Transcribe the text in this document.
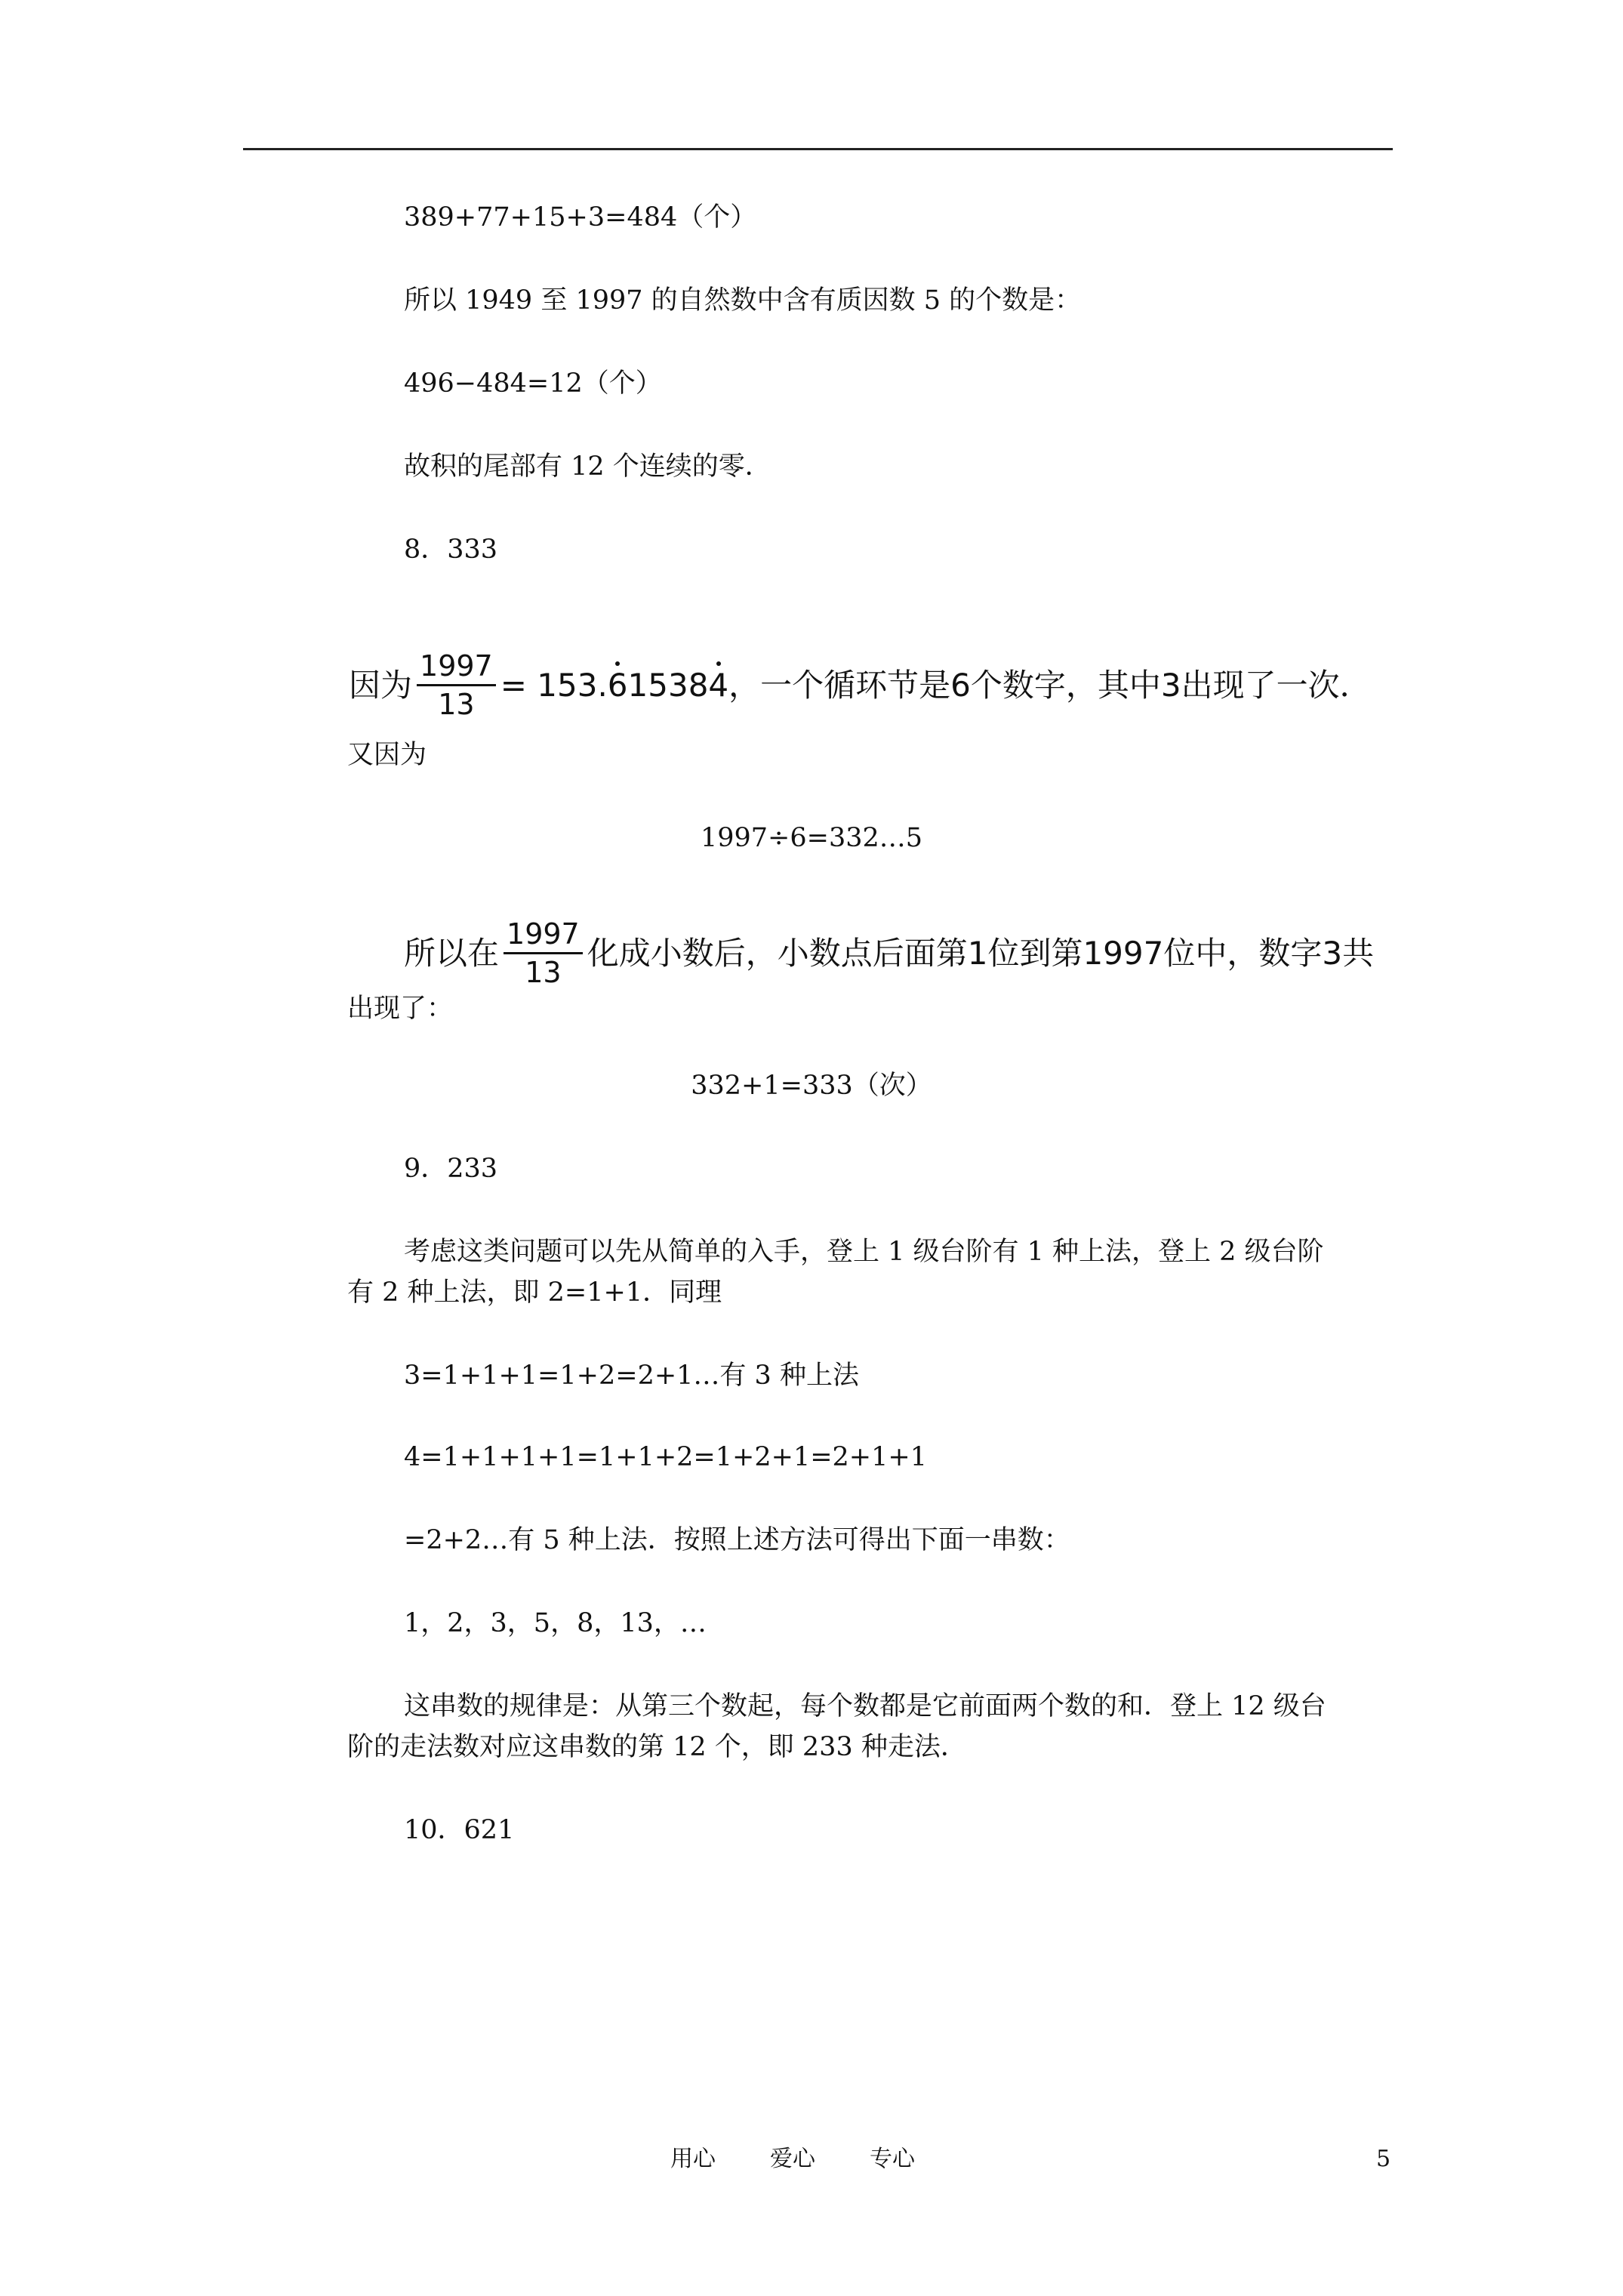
389+77+15+3=484（个）
所以 1949 至 1997 的自然数中含有质因数 5 的个数是：
496−484=12（个）
故积的尾部有 12 个连续的零．
8．333
因为 $\frac{1997}{13} = 153$. 6 1538 4 ，一个循环节是6个数字，其中3出现了一次．
又因为
1997÷6=332…5
所以在 $\frac{1997}{13}$ 化成小数后，小数点后面第1位到第1997位中，数字3共
出现了：
332+1=333（次）
9．233
考虑这类问题可以先从简单的入手，登上 1 级台阶有 1 种上法，登上 2 级台阶
有 2 种上法，即 2=1+1．同理
3=1+1+1=1+2=2+1…有 3 种上法
4=1+1+1+1=1+1+2=1+2+1=2+1+1
=2+2…有 5 种上法．按照上述方法可得出下面一串数：
1，2，3，5，8，13，…
这串数的规律是：从第三个数起，每个数都是它前面两个数的和．登上 12 级台
阶的走法数对应这串数的第 12 个，即 233 种走法．
10．621
用心 爱心 专心	5
